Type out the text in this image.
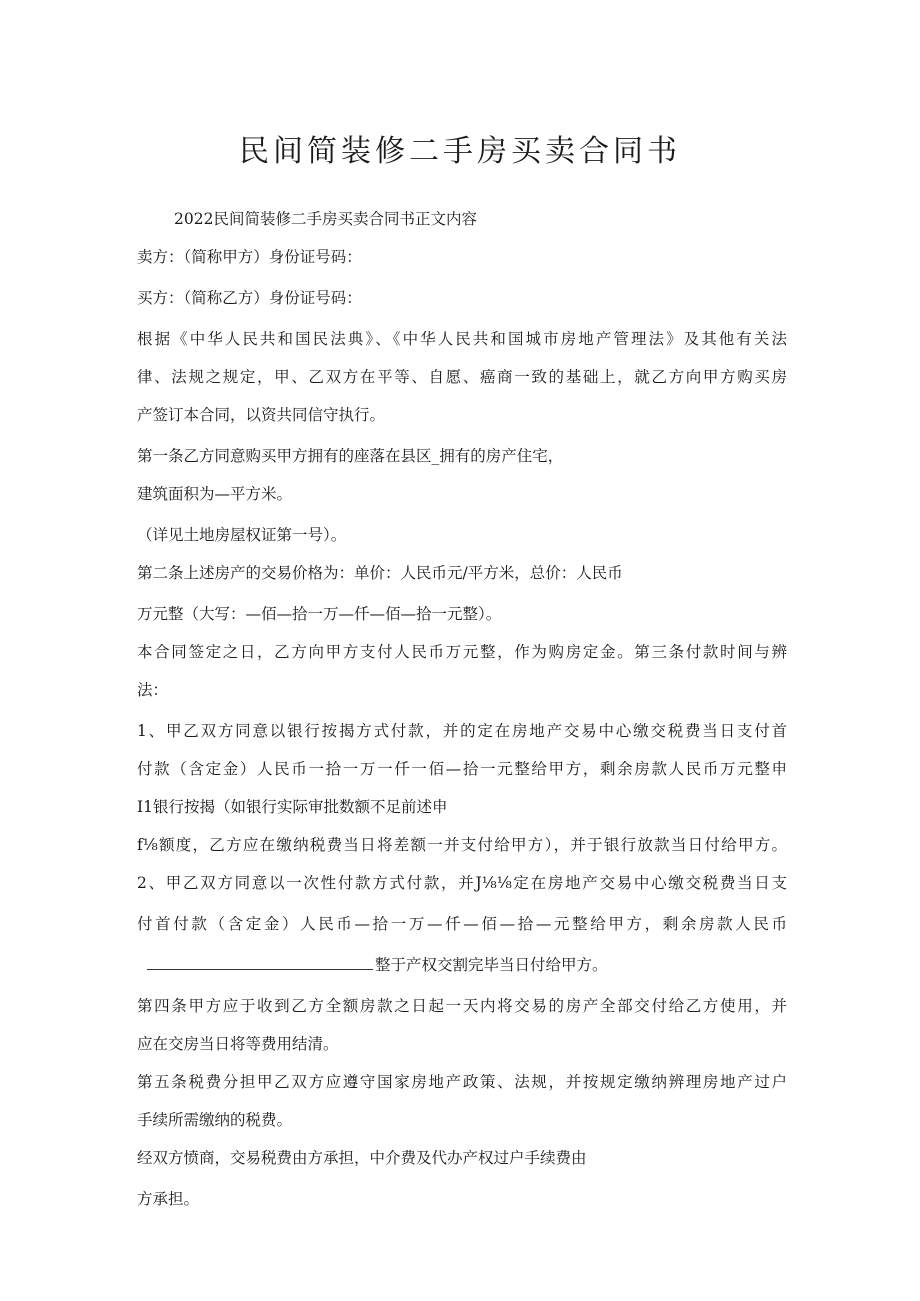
民间简装修二手房买卖合同书

2022民间简装修二手房买卖合同书正文内容

卖方：（简称甲方）身份证号码：

买方：（简称乙方）身份证号码：

根据《中华人民共和国民法典》、《中华人民共和国城市房地产管理法》及其他有关法

律、法规之规定，甲、乙双方在平等、自愿、癌商一致的基础上，就乙方向甲方购买房

产签订本合同，以资共同信守执行。

第一条乙方同意购买甲方拥有的座落在县区_拥有的房产住宅，

建筑面积为—平方米。

（详见土地房屋权证第一号）。

第二条上述房产的交易价格为：单价：人民币元/平方米，总价：人民币

万元整（大写：—佰—拾一万—仟—佰—拾一元整）。

本合同签定之日，乙方向甲方支付人民币万元整，作为购房定金。第三条付款时间与辨

法：

1、甲乙双方同意以银行按揭方式付款，并的定在房地产交易中心缴交税费当日支付首

付款（含定金）人民币一拾一万一仟一佰—拾一元整给甲方，剩余房款人民币万元整申

I1银行按揭（如银行实际审批数额不足前述申

f⅛额度，乙方应在缴纳税费当日将差额一并支付给甲方），并于银行放款当日付给甲方。

2、甲乙双方同意以一次性付款方式付款，并J⅛⅛定在房地产交易中心缴交税费当日支

付首付款（含定金）人民币—拾一万—仟—佰—拾—元整给甲方，剩余房款人民币

整于产权交割完毕当日付给甲方。

第四条甲方应于收到乙方全额房款之日起一天内将交易的房产全部交付给乙方使用，并

应在交房当日将等费用结清。

第五条税费分担甲乙双方应遵守国家房地产政策、法规，并按规定缴纳辨理房地产过户

手续所需缴纳的税费。

经双方愤商，交易税费由方承担，中介费及代办产权过户手续费由

方承担。
